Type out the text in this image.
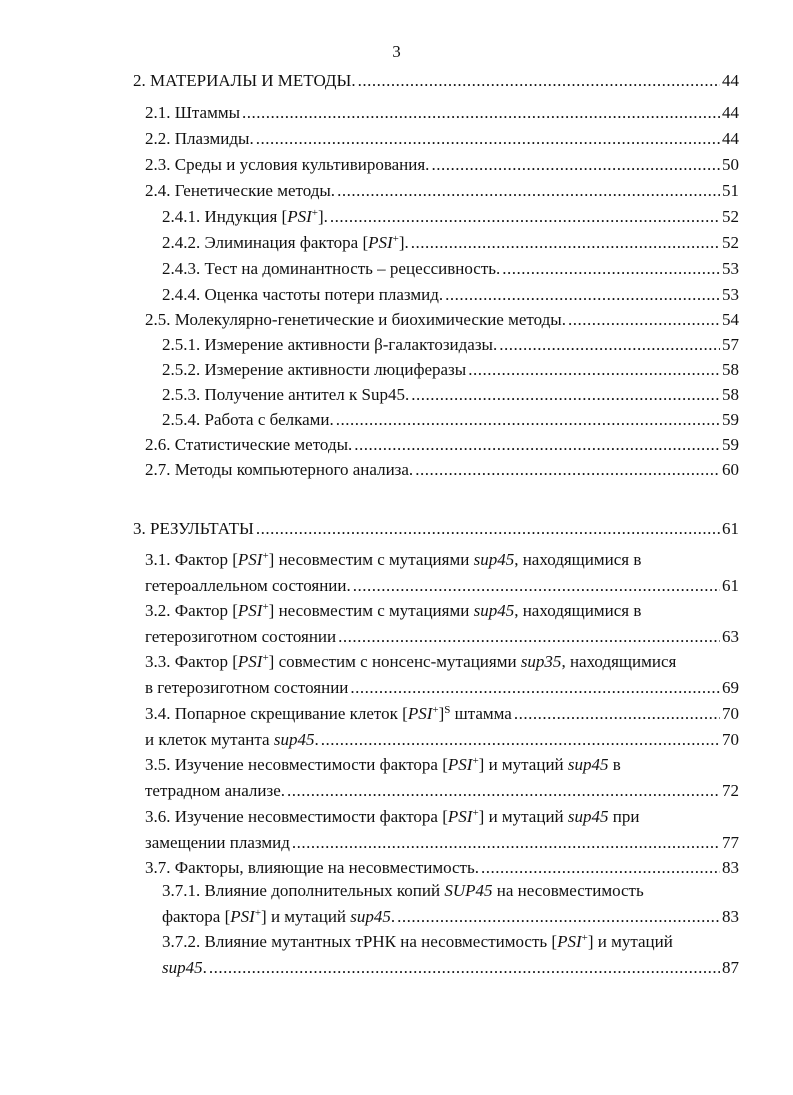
3
2. МАТЕРИАЛЫ И МЕТОДЫ. .....	44
2.1. Штаммы .....	44
2.2. Плазмиды. .....	44
2.3. Среды и условия культивирования. .....	50
2.4. Генетические методы. .....	51
2.4.1. Индукция [PSI+]. .....	52
2.4.2. Элиминация фактора [PSI+]. .....	52
2.4.3. Тест на доминантность – рецессивность. .....	53
2.4.4. Оценка частоты потери плазмид. .....	53
2.5. Молекулярно-генетические и биохимические методы. .....	54
2.5.1. Измерение активности β-галактозидазы. .....	57
2.5.2. Измерение активности люциферазы .....	58
2.5.3. Получение антител к Sup45. .....	58
2.5.4. Работа с белками. .....	59
2.6. Статистические методы. .....	59
2.7. Методы компьютерного анализа. .....	60
3. РЕЗУЛЬТАТЫ .....	61
3.1. Фактор [PSI+] несовместим с мутациями sup45, находящимися в
гетероаллельном состоянии. .....	61
3.2. Фактор [PSI+] несовместим с мутациями sup45, находящимися в
гетерозиготном состоянии .....	63
3.3. Фактор [PSI+] совместим с нонсенс-мутациями sup35, находящимися
в гетерозиготном состоянии .....	69
3.4. Попарное скрещивание клеток $[PSI^+]^S$ штамма .....	70
и клеток мутанта sup45. .....	70
3.5. Изучение несовместимости фактора [PSI+] и мутаций sup45 в
тетрадном анализе. .....	72
3.6. Изучение несовместимости фактора [PSI+] и мутаций sup45 при
замещении плазмид .....	77
3.7. Факторы, влияющие на несовместимость. .....	83
3.7.1. Влияние дополнительных копий SUP45 на несовместимость
фактора [PSI+] и мутаций sup45. .....	83
3.7.2. Влияние мутантных тРНК на несовместимость [PSI+] и мутаций
sup45. .....	87
